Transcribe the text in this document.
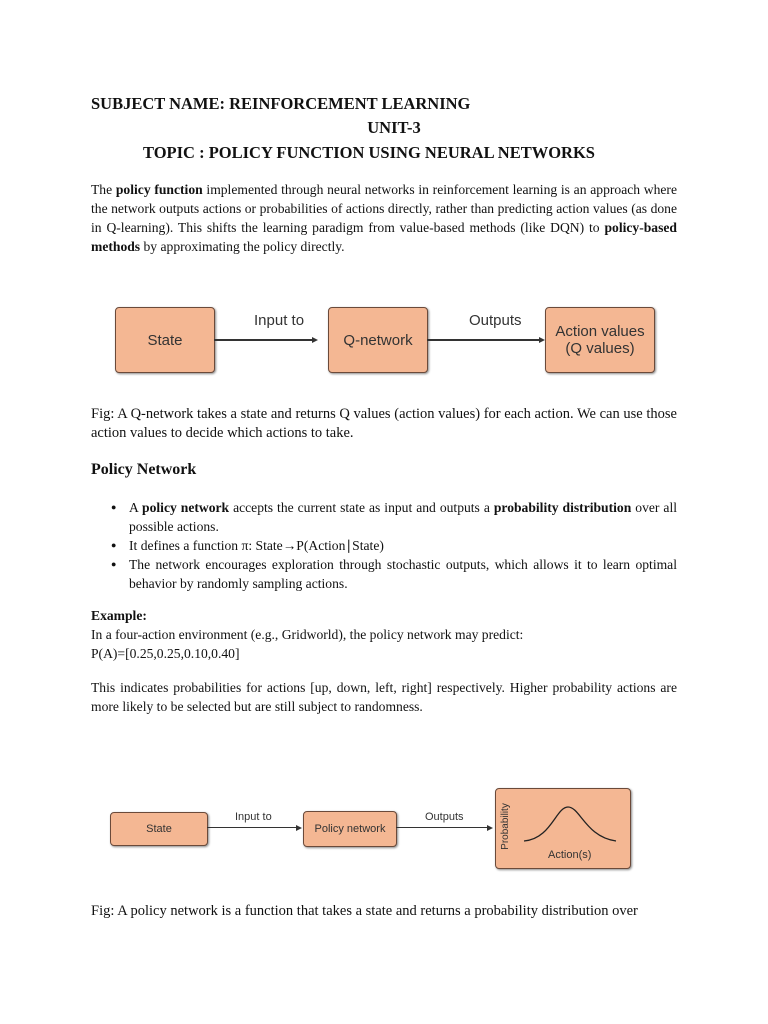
SUBJECT NAME: REINFORCEMENT LEARNING
UNIT-3
TOPIC : POLICY FUNCTION USING NEURAL NETWORKS
The policy function implemented through neural networks in reinforcement learning is an approach where the network outputs actions or probabilities of actions directly, rather than predicting action values (as done in Q-learning). This shifts the learning paradigm from value-based methods (like DQN) to policy-based methods by approximating the policy directly.
State
Input to
Q-network
Outputs
Action values
(Q values)
Fig: A Q-network takes a state and returns Q values (action values) for each action. We can use those action values to decide which actions to take.
Policy Network
● A policy network accepts the current state as input and outputs a probability distribution over all possible actions.
● It defines a function π: State→P(Action∣State)
● The network encourages exploration through stochastic outputs, which allows it to learn optimal behavior by randomly sampling actions.
Example:
In a four-action environment (e.g., Gridworld), the policy network may predict:
P(A)=[0.25,0.25,0.10,0.40]
This indicates probabilities for actions [up, down, left, right] respectively. Higher probability actions are more likely to be selected but are still subject to randomness.
State
Input to
Policy network
Outputs	Probability
Action(s)
Fig: A policy network is a function that takes a state and returns a probability distribution over
